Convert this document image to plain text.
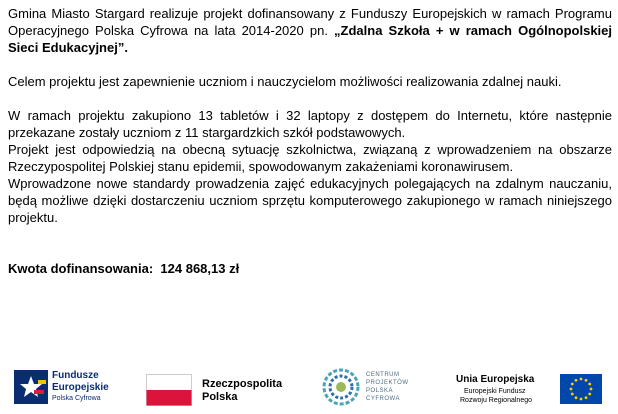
Gmina Miasto Stargard realizuje projekt dofinansowany z Funduszy Europejskich w ramach Programu Operacyjnego Polska Cyfrowa na lata 2014-2020 pn. „Zdalna Szkoła + w ramach Ogólnopolskiej Sieci Edukacyjnej”.

Celem projektu jest zapewnienie uczniom i nauczycielom możliwości realizowania zdalnej nauki.

W ramach projektu zakupiono 13 tabletów i 32 laptopy z dostępem do Internetu, które następnie przekazane zostały uczniom z 11 stargardzkich szkół podstawowych.

Projekt jest odpowiedzią na obecną sytuację szkolnictwa, związaną z wprowadzeniem na obszarze Rzeczypospolitej Polskiej stanu epidemii, spowodowanym zakażeniami koronawirusem.

Wprowadzone nowe standardy prowadzenia zajęć edukacyjnych polegających na zdalnym nauczaniu, będą możliwe dzięki dostarczeniu uczniom sprzętu komputerowego zakupionego w ramach niniejszego projektu.

Kwota dofinansowania: 124 868,13 zł

Fundusze
Europejskie
Polska Cyfrowa
Rzeczpospolita
Polska
CENTRUM
PROJEKTÓW
POLSKA
CYFROWA
Unia Europejska
Europejski Fundusz
Rozwoju Regionalnego
